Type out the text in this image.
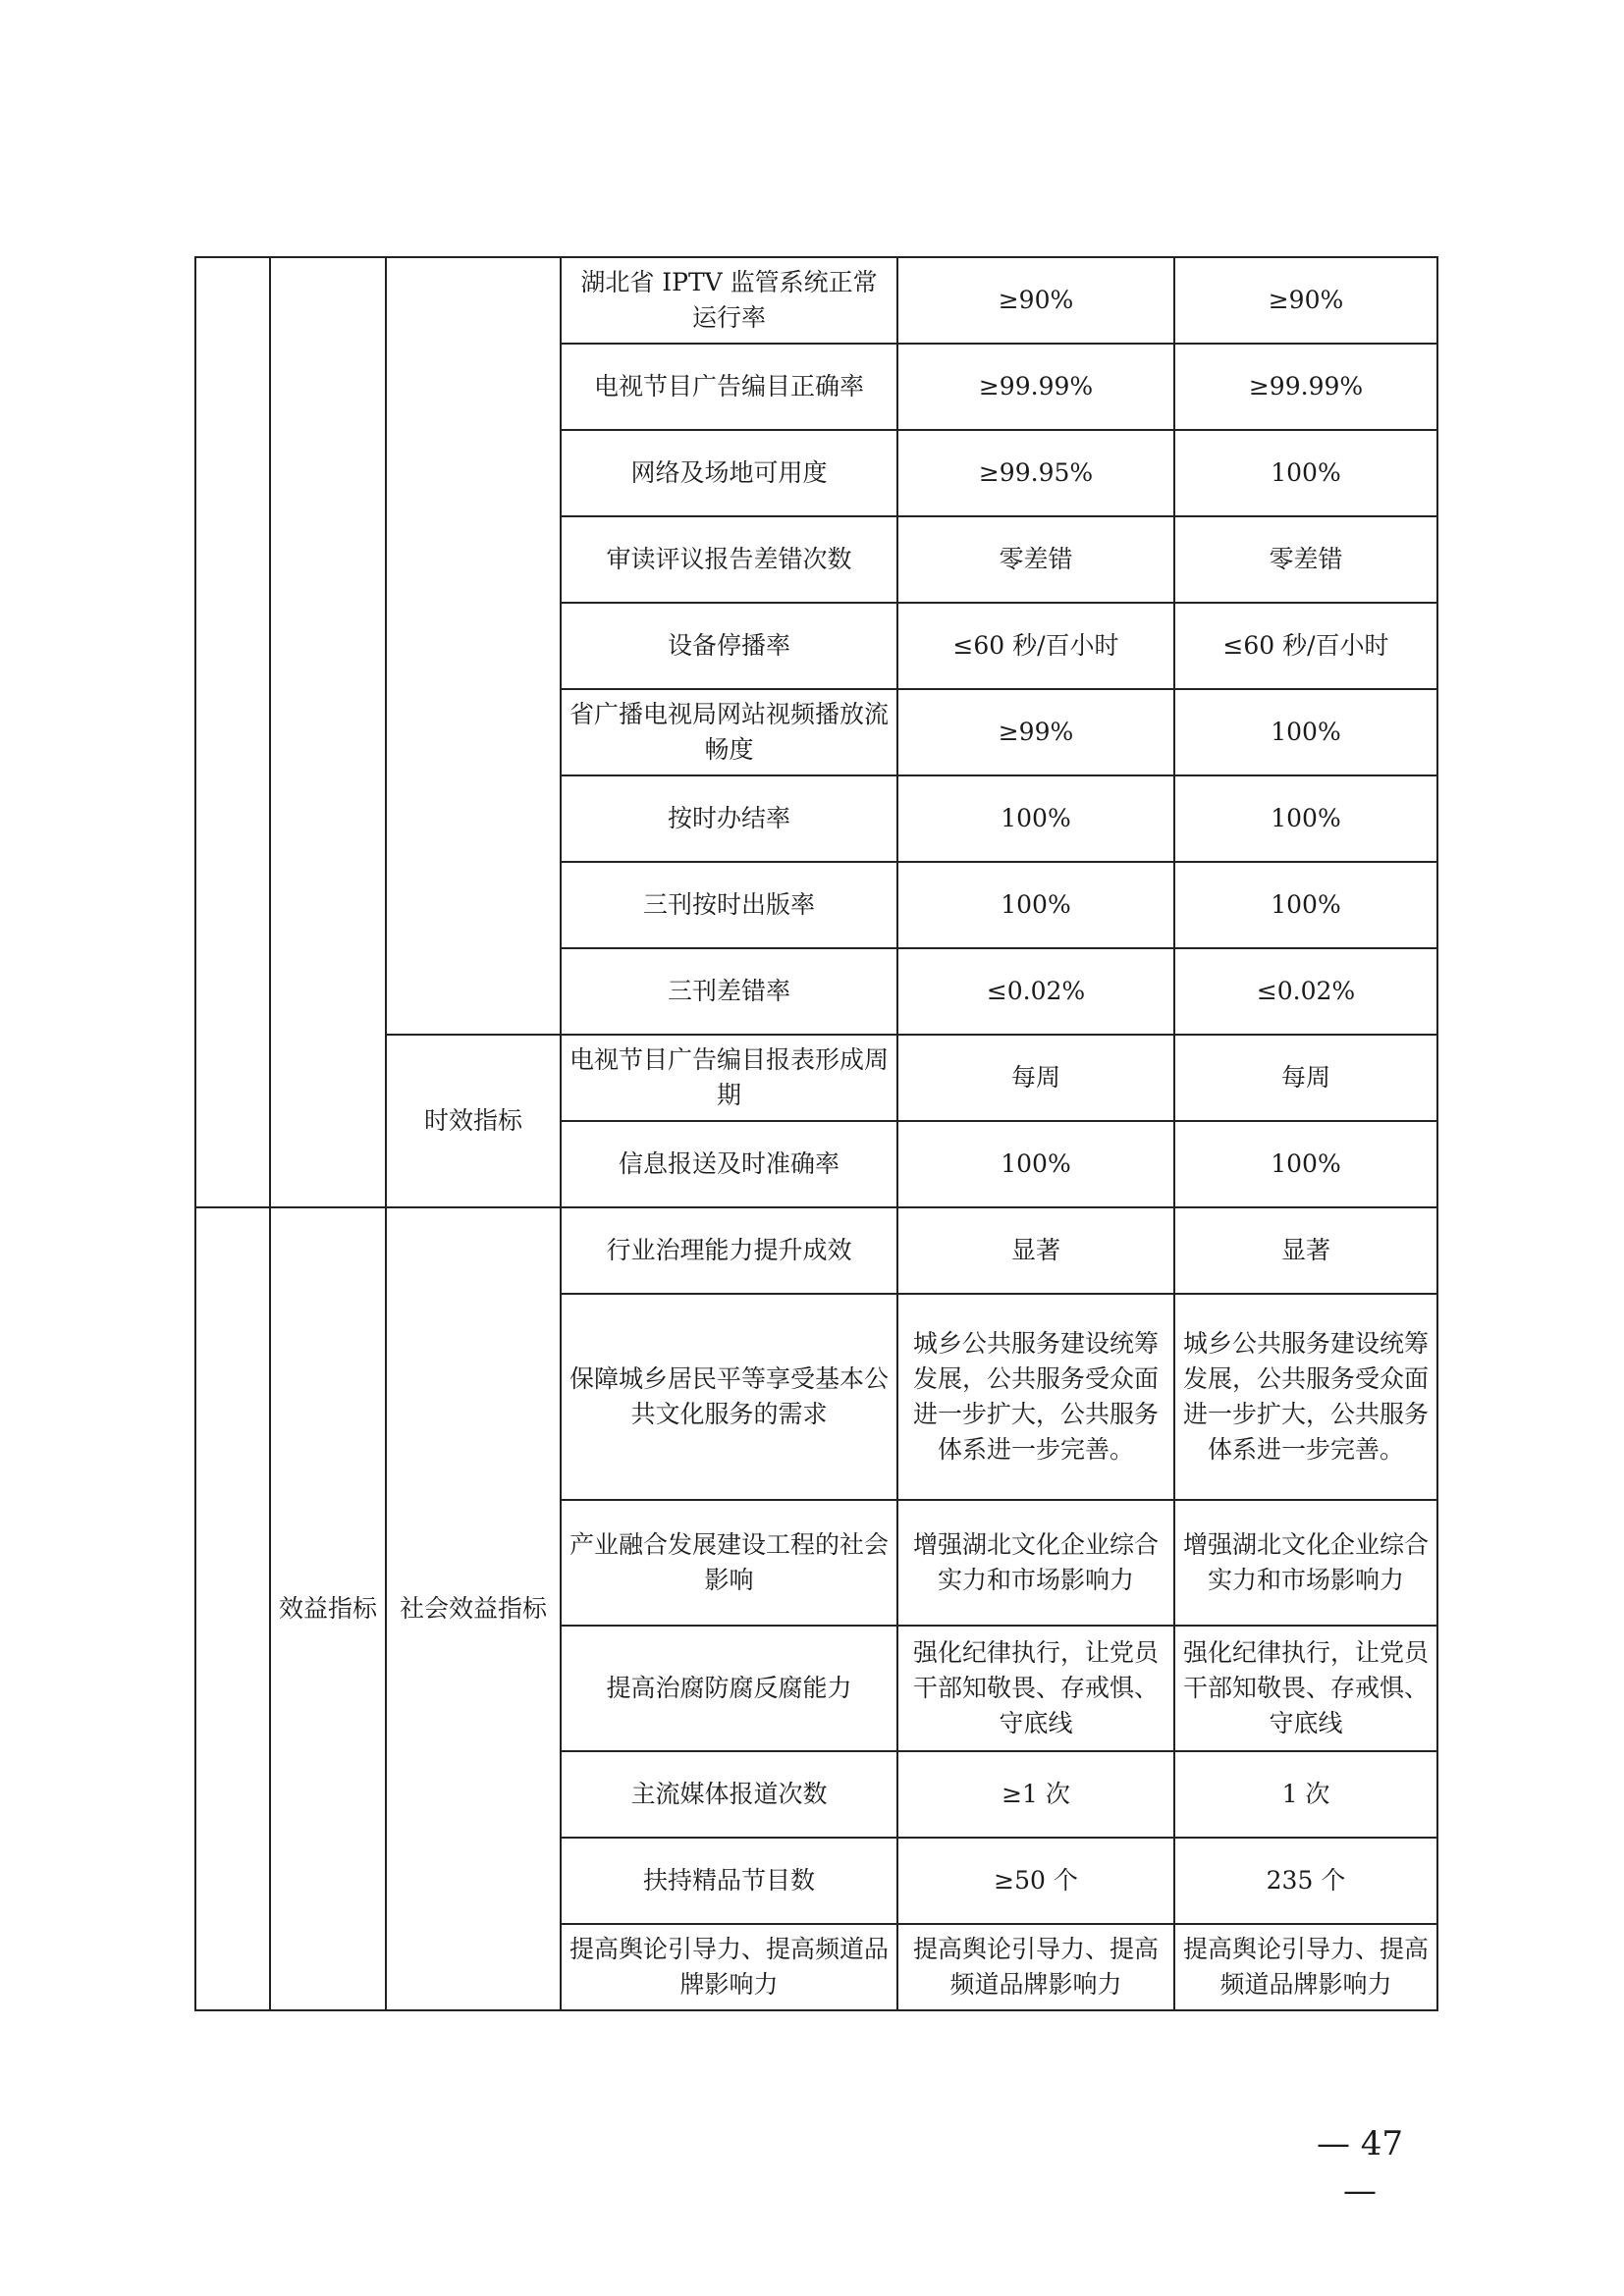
			湖北省 IPTV 监管系统正常运行率	≥90%	≥90%
			电视节目广告编目正确率	≥99.99%	≥99.99%
			网络及场地可用度	≥99.95%	100%
			审读评议报告差错次数	零差错	零差错
			设备停播率	≤60 秒/百小时	≤60 秒/百小时
			省广播电视局网站视频播放流畅度	≥99%	100%
			按时办结率	100%	100%
			三刊按时出版率	100%	100%
			三刊差错率	≤0.02%	≤0.02%
		时效指标	电视节目广告编目报表形成周期	每周	每周
			信息报送及时准确率	100%	100%
	效益指标	社会效益指标	行业治理能力提升成效	显著	显著
			保障城乡居民平等享受基本公共文化服务的需求	城乡公共服务建设统筹发展，公共服务受众面进一步扩大，公共服务体系进一步完善。	城乡公共服务建设统筹发展，公共服务受众面进一步扩大，公共服务体系进一步完善。
			产业融合发展建设工程的社会影响	增强湖北文化企业综合实力和市场影响力	增强湖北文化企业综合实力和市场影响力
			提高治腐防腐反腐能力	强化纪律执行，让党员干部知敬畏、存戒惧、守底线	强化纪律执行，让党员干部知敬畏、存戒惧、守底线
			主流媒体报道次数	≥1 次	1 次
			扶持精品节目数	≥50 个	235 个
			提高舆论引导力、提高频道品牌影响力	提高舆论引导力、提高频道品牌影响力	提高舆论引导力、提高频道品牌影响力
— 47 —
